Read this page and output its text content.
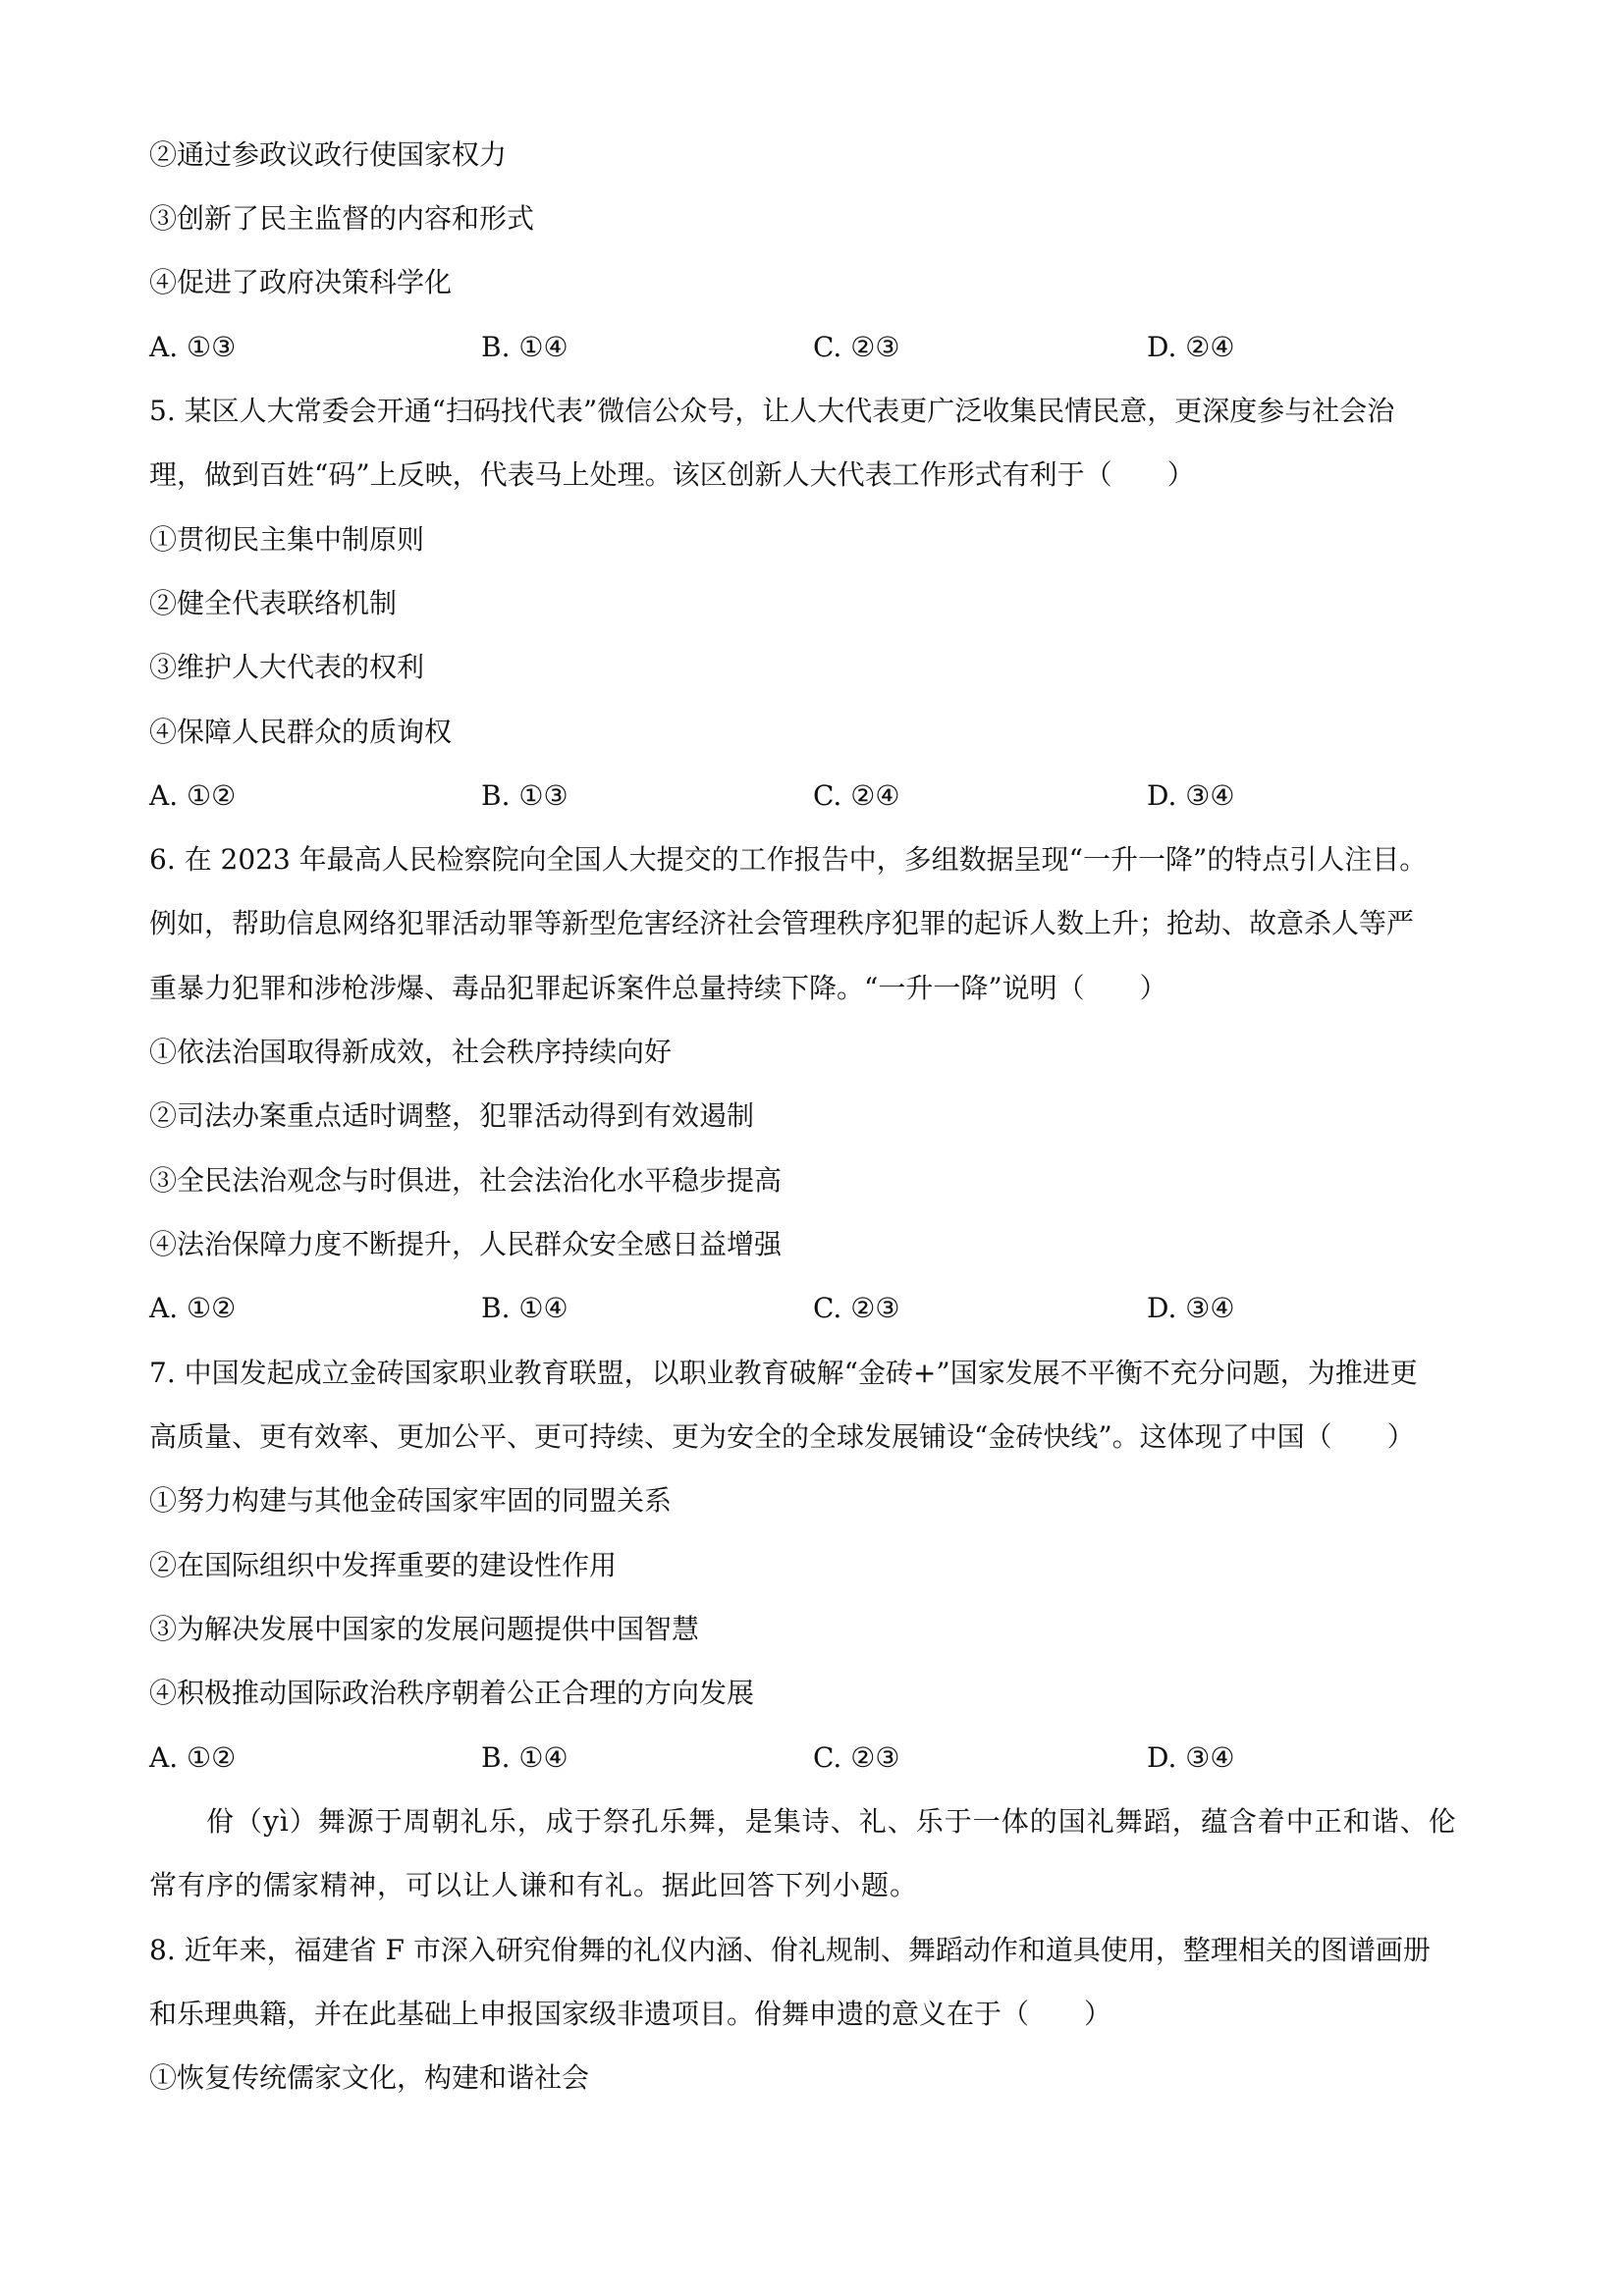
②通过参政议政行使国家权力
③创新了民主监督的内容和形式
④促进了政府决策科学化
A. ①③	B. ①④	C. ②③	D. ②④
5. 某区人大常委会开通“扫码找代表”微信公众号，让人大代表更广泛收集民情民意，更深度参与社会治
理，做到百姓“码”上反映，代表马上处理。该区创新人大代表工作形式有利于（　　）
①贯彻民主集中制原则
②健全代表联络机制
③维护人大代表的权利
④保障人民群众的质询权
A. ①②	B. ①③	C. ②④	D. ③④
6. 在 2023 年最高人民检察院向全国人大提交的工作报告中，多组数据呈现“一升一降”的特点引人注目。
例如，帮助信息网络犯罪活动罪等新型危害经济社会管理秩序犯罪的起诉人数上升；抢劫、故意杀人等严
重暴力犯罪和涉枪涉爆、毒品犯罪起诉案件总量持续下降。“一升一降”说明（　　）
①依法治国取得新成效，社会秩序持续向好
②司法办案重点适时调整，犯罪活动得到有效遏制
③全民法治观念与时俱进，社会法治化水平稳步提高
④法治保障力度不断提升，人民群众安全感日益增强
A. ①②	B. ①④	C. ②③	D. ③④
7. 中国发起成立金砖国家职业教育联盟，以职业教育破解“金砖+”国家发展不平衡不充分问题，为推进更
高质量、更有效率、更加公平、更可持续、更为安全的全球发展铺设“金砖快线”。这体现了中国（　　）
①努力构建与其他金砖国家牢固的同盟关系
②在国际组织中发挥重要的建设性作用
③为解决发展中国家的发展问题提供中国智慧
④积极推动国际政治秩序朝着公正合理的方向发展
A. ①②	B. ①④	C. ②③	D. ③④
佾（yì）舞源于周朝礼乐，成于祭孔乐舞，是集诗、礼、乐于一体的国礼舞蹈，蕴含着中正和谐、伦
常有序的儒家精神，可以让人谦和有礼。据此回答下列小题。
8. 近年来，福建省 F 市深入研究佾舞的礼仪内涵、佾礼规制、舞蹈动作和道具使用，整理相关的图谱画册
和乐理典籍，并在此基础上申报国家级非遗项目。佾舞申遗的意义在于（　　）
①恢复传统儒家文化，构建和谐社会
